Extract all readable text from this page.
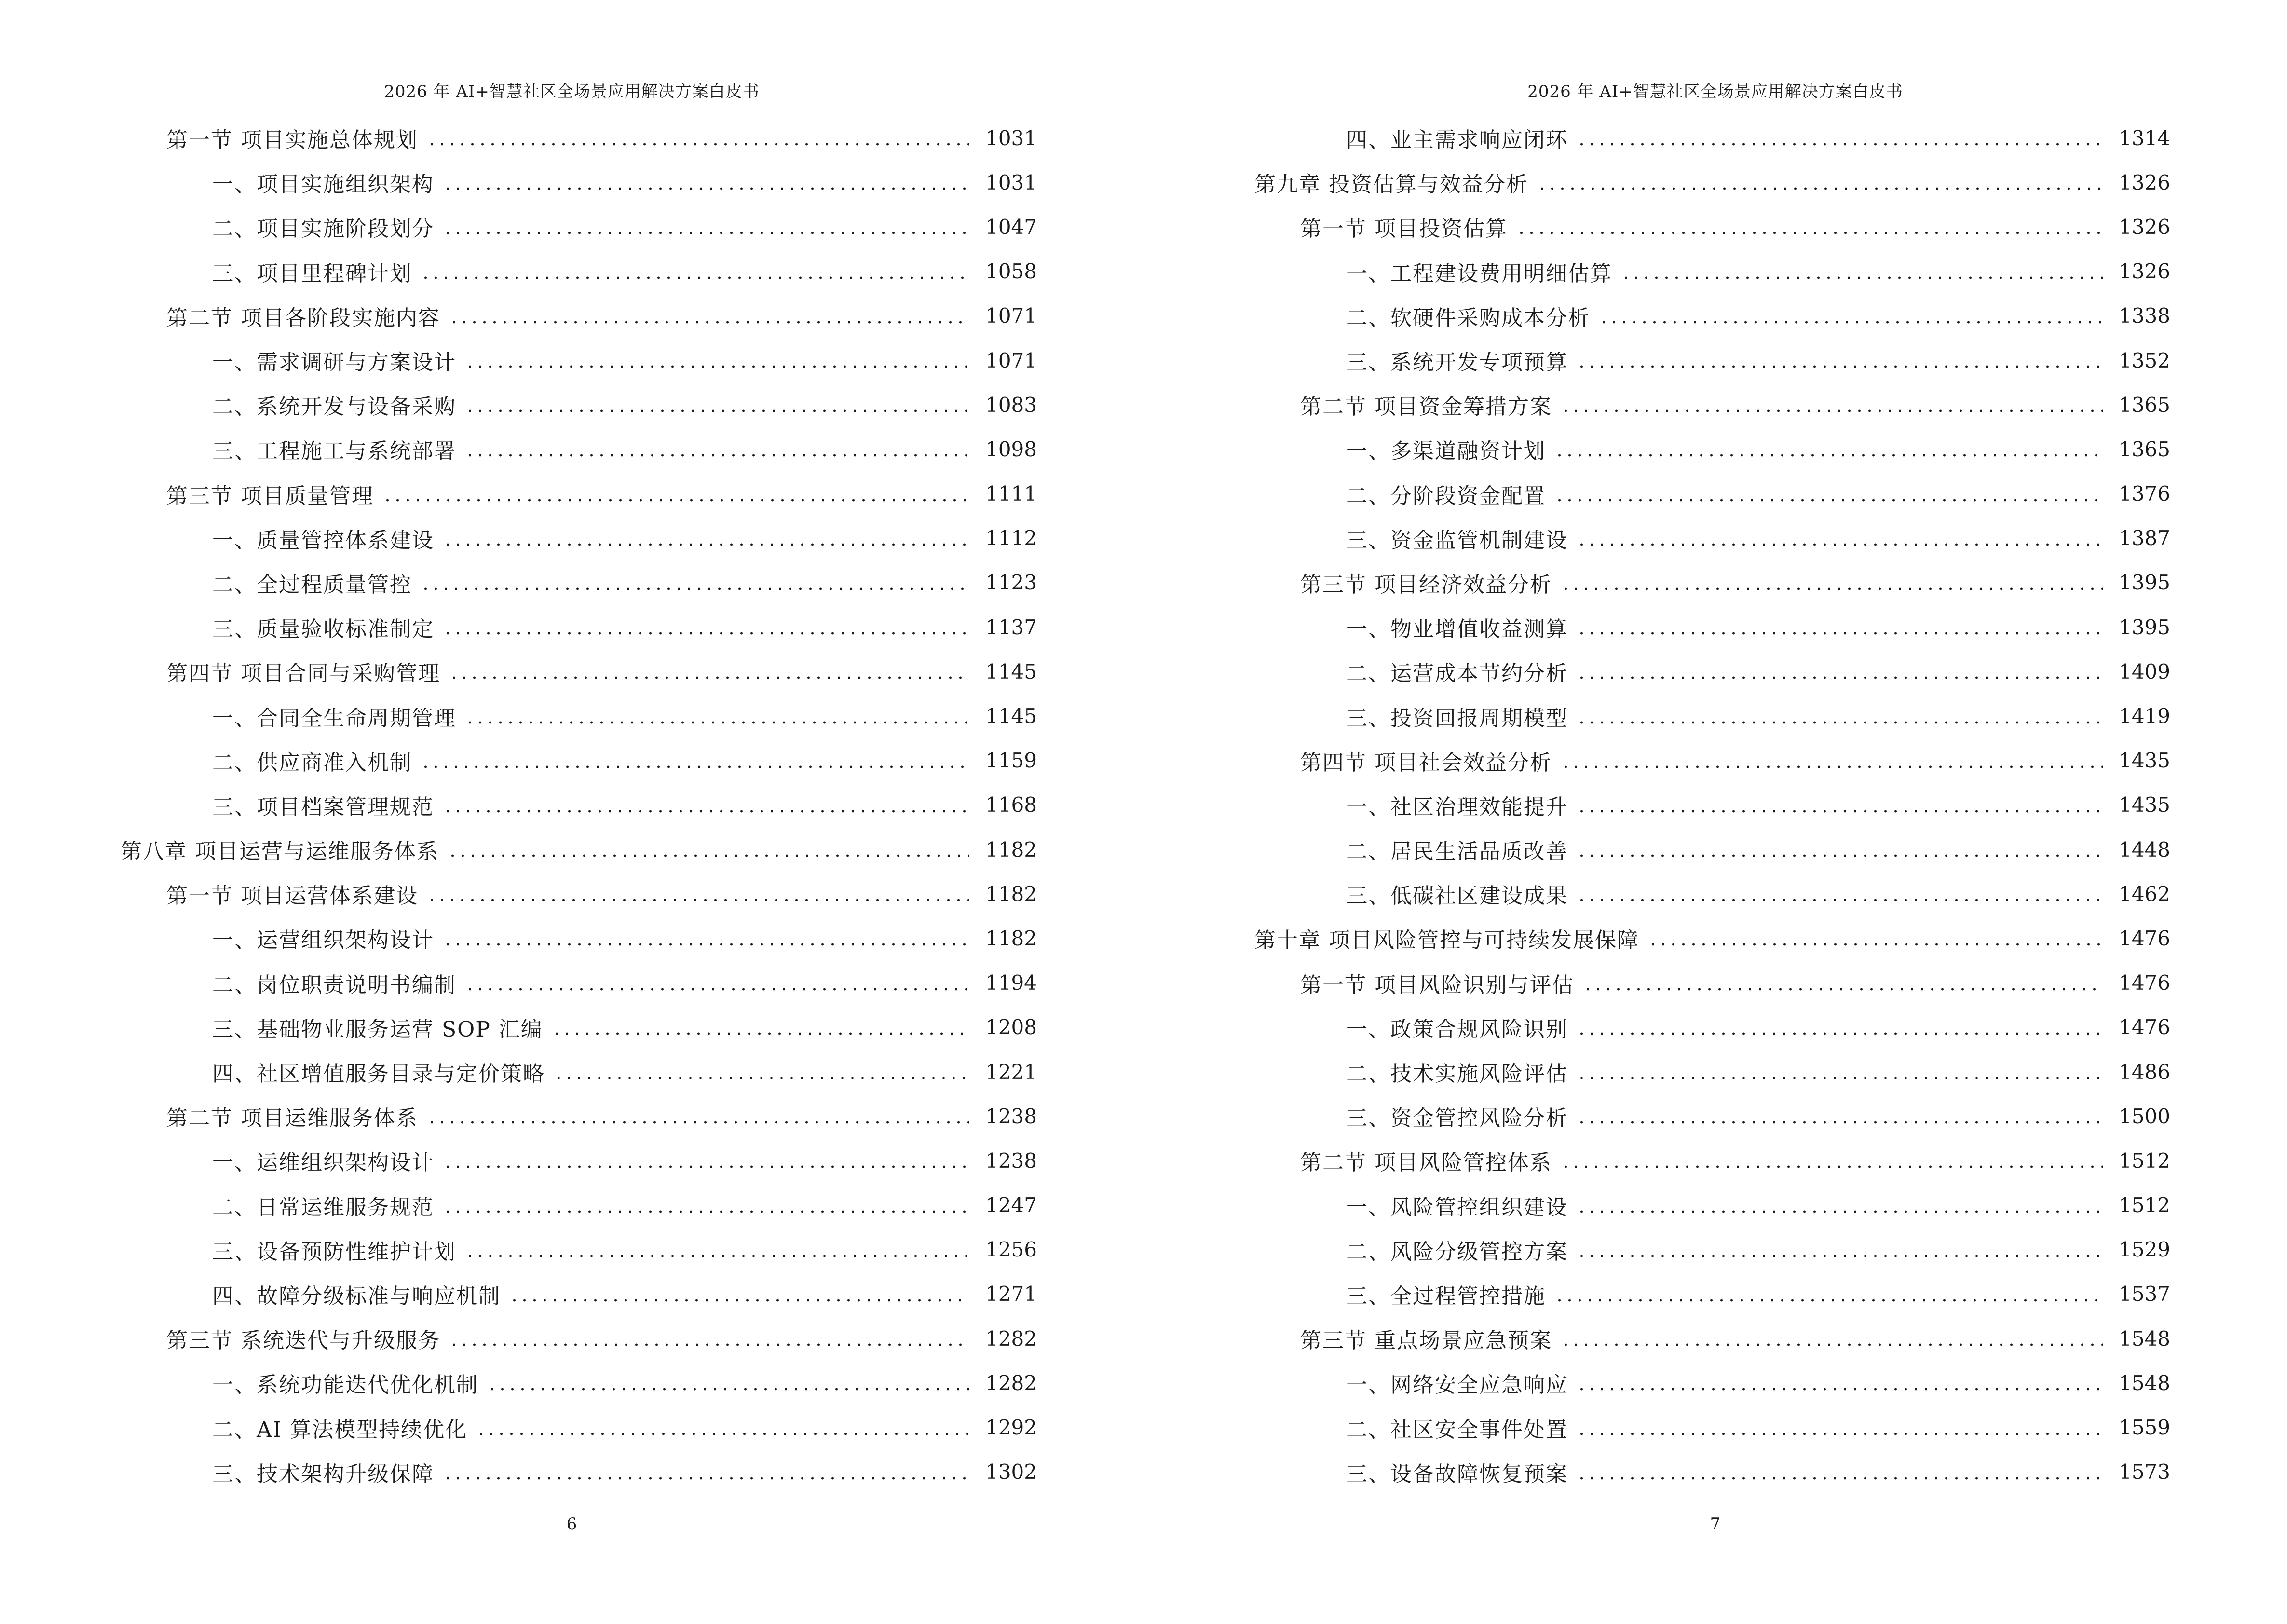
2026 年 AI+智慧社区全场景应用解决方案白皮书
第一节 项目实施总体规划	1031
一、项目实施组织架构	1031
二、项目实施阶段划分	1047
三、项目里程碑计划	1058
第二节 项目各阶段实施内容	1071
一、需求调研与方案设计	1071
二、系统开发与设备采购	1083
三、工程施工与系统部署	1098
第三节 项目质量管理	1111
一、质量管控体系建设	1112
二、全过程质量管控	1123
三、质量验收标准制定	1137
第四节 项目合同与采购管理	1145
一、合同全生命周期管理	1145
二、供应商准入机制	1159
三、项目档案管理规范	1168
第八章 项目运营与运维服务体系	1182
第一节 项目运营体系建设	1182
一、运营组织架构设计	1182
二、岗位职责说明书编制	1194
三、基础物业服务运营 SOP 汇编	1208
四、社区增值服务目录与定价策略	1221
第二节 项目运维服务体系	1238
一、运维组织架构设计	1238
二、日常运维服务规范	1247
三、设备预防性维护计划	1256
四、故障分级标准与响应机制	1271
第三节 系统迭代与升级服务	1282
一、系统功能迭代优化机制	1282
二、AI 算法模型持续优化	1292
三、技术架构升级保障	1302
6
2026 年 AI+智慧社区全场景应用解决方案白皮书
四、业主需求响应闭环	1314
第九章 投资估算与效益分析	1326
第一节 项目投资估算	1326
一、工程建设费用明细估算	1326
二、软硬件采购成本分析	1338
三、系统开发专项预算	1352
第二节 项目资金筹措方案	1365
一、多渠道融资计划	1365
二、分阶段资金配置	1376
三、资金监管机制建设	1387
第三节 项目经济效益分析	1395
一、物业增值收益测算	1395
二、运营成本节约分析	1409
三、投资回报周期模型	1419
第四节 项目社会效益分析	1435
一、社区治理效能提升	1435
二、居民生活品质改善	1448
三、低碳社区建设成果	1462
第十章 项目风险管控与可持续发展保障	1476
第一节 项目风险识别与评估	1476
一、政策合规风险识别	1476
二、技术实施风险评估	1486
三、资金管控风险分析	1500
第二节 项目风险管控体系	1512
一、风险管控组织建设	1512
二、风险分级管控方案	1529
三、全过程管控措施	1537
第三节 重点场景应急预案	1548
一、网络安全应急响应	1548
二、社区安全事件处置	1559
三、设备故障恢复预案	1573
7
